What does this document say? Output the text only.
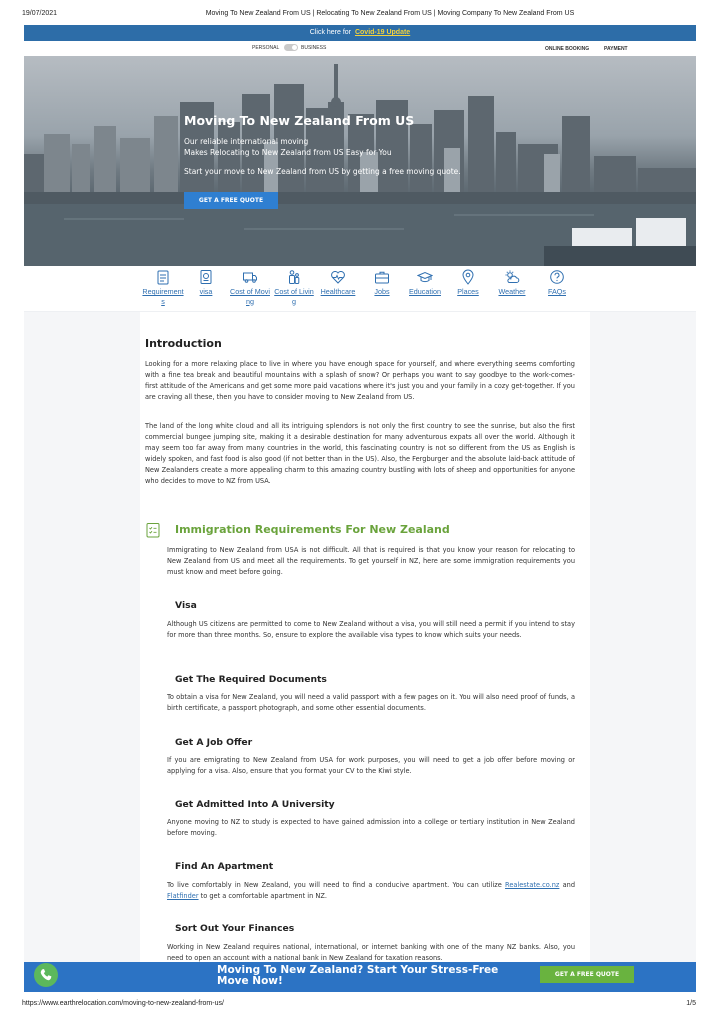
19/07/2021	Moving To New Zealand From US | Relocating To New Zealand From US | Moving Company To New Zealand From US
Click here for Covid-19 Update
PERSONAL	BUSINESS	ONLINE BOOKING	PAYMENT
Moving To New Zealand From US
Our reliable international moving
Makes Relocating to New Zealand from US Easy for You
Start your move to New Zealand from US by getting a free moving quote.
GET A FREE QUOTE
Requirements
visa	Cost of Moving
Cost of Living
Healthcare	Jobs	Education	Places	Weather	FAQs
Introduction

Looking for a more relaxing place to live in where you have enough space for yourself, and where everything seems comforting with a fine tea break and beautiful mountains with a splash of snow? Or perhaps you want to say goodbye to the work-comes-first attitude of the Americans and get some more paid vacations where it's just you and your family in a cozy get-together. If you are craving all these, then you have to consider moving to New Zealand from US.

The land of the long white cloud and all its intriguing splendors is not only the first country to see the sunrise, but also the first commercial bungee jumping site, making it a desirable destination for many adventurous expats all over the world. Although it may seem too far away from many countries in the world, this fascinating country is not so different from the US as English is widely spoken, and fast food is also good (if not better than in the US). Also, the Fergburger and the absolute laid-back attitude of New Zealanders create a more appealing charm to this amazing country bustling with lots of sheep and opportunities for anyone who decides to move to NZ from USA.

Immigration Requirements For New Zealand

Immigrating to New Zealand from USA is not difficult. All that is required is that you know your reason for relocating to New Zealand from US and meet all the requirements. To get yourself in NZ, here are some immigration requirements you must know and meet before going.

Visa

Although US citizens are permitted to come to New Zealand without a visa, you will still need a permit if you intend to stay for more than three months. So, ensure to explore the available visa types to know which suits your needs.

Get The Required Documents

To obtain a visa for New Zealand, you will need a valid passport with a few pages on it. You will also need proof of funds, a birth certificate, a passport photograph, and some other essential documents.

Get A Job Offer

If you are emigrating to New Zealand from USA for work purposes, you will need to get a job offer before moving or applying for a visa. Also, ensure that you format your CV to the Kiwi style.

Get Admitted Into A University

Anyone moving to NZ to study is expected to have gained admission into a college or tertiary institution in New Zealand before moving.

Find An Apartment

To live comfortably in New Zealand, you will need to find a conducive apartment. You can utilize Realestate.co.nz and Flatfinder to get a comfortable apartment in NZ.

Sort Out Your Finances

Working in New Zealand requires national, international, or internet banking with one of the many NZ banks. Also, you need to open an account with a national bank in New Zealand for taxation reasons.

Moving To New Zealand? Start Your Stress-Free Move Now!
GET A FREE QUOTE
https://www.earthrelocation.com/moving-to-new-zealand-from-us/	1/5
